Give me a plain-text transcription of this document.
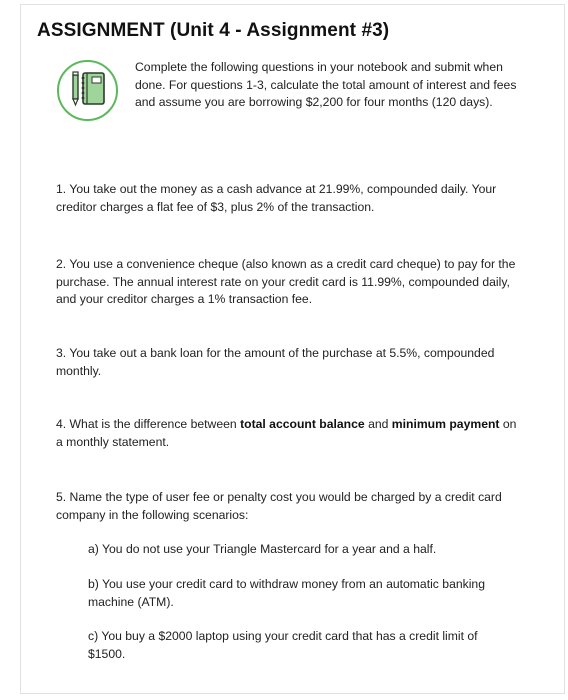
ASSIGNMENT (Unit 4 - Assignment #3)
Complete the following questions in your notebook and submit when done. For questions 1-3, calculate the total amount of interest and fees and assume you are borrowing $2,200 for four months (120 days).
1. You take out the money as a cash advance at 21.99%, compounded daily. Your creditor charges a flat fee of $3, plus 2% of the transaction.
2. You use a convenience cheque (also known as a credit card cheque) to pay for the purchase. The annual interest rate on your credit card is 11.99%, compounded daily, and your creditor charges a 1% transaction fee.
3. You take out a bank loan for the amount of the purchase at 5.5%, compounded monthly.
4. What is the difference between total account balance and minimum payment on a monthly statement.
5. Name the type of user fee or penalty cost you would be charged by a credit card company in the following scenarios:
a) You do not use your Triangle Mastercard for a year and a half.
b) You use your credit card to withdraw money from an automatic banking machine (ATM).
c) You buy a $2000 laptop using your credit card that has a credit limit of $1500.
